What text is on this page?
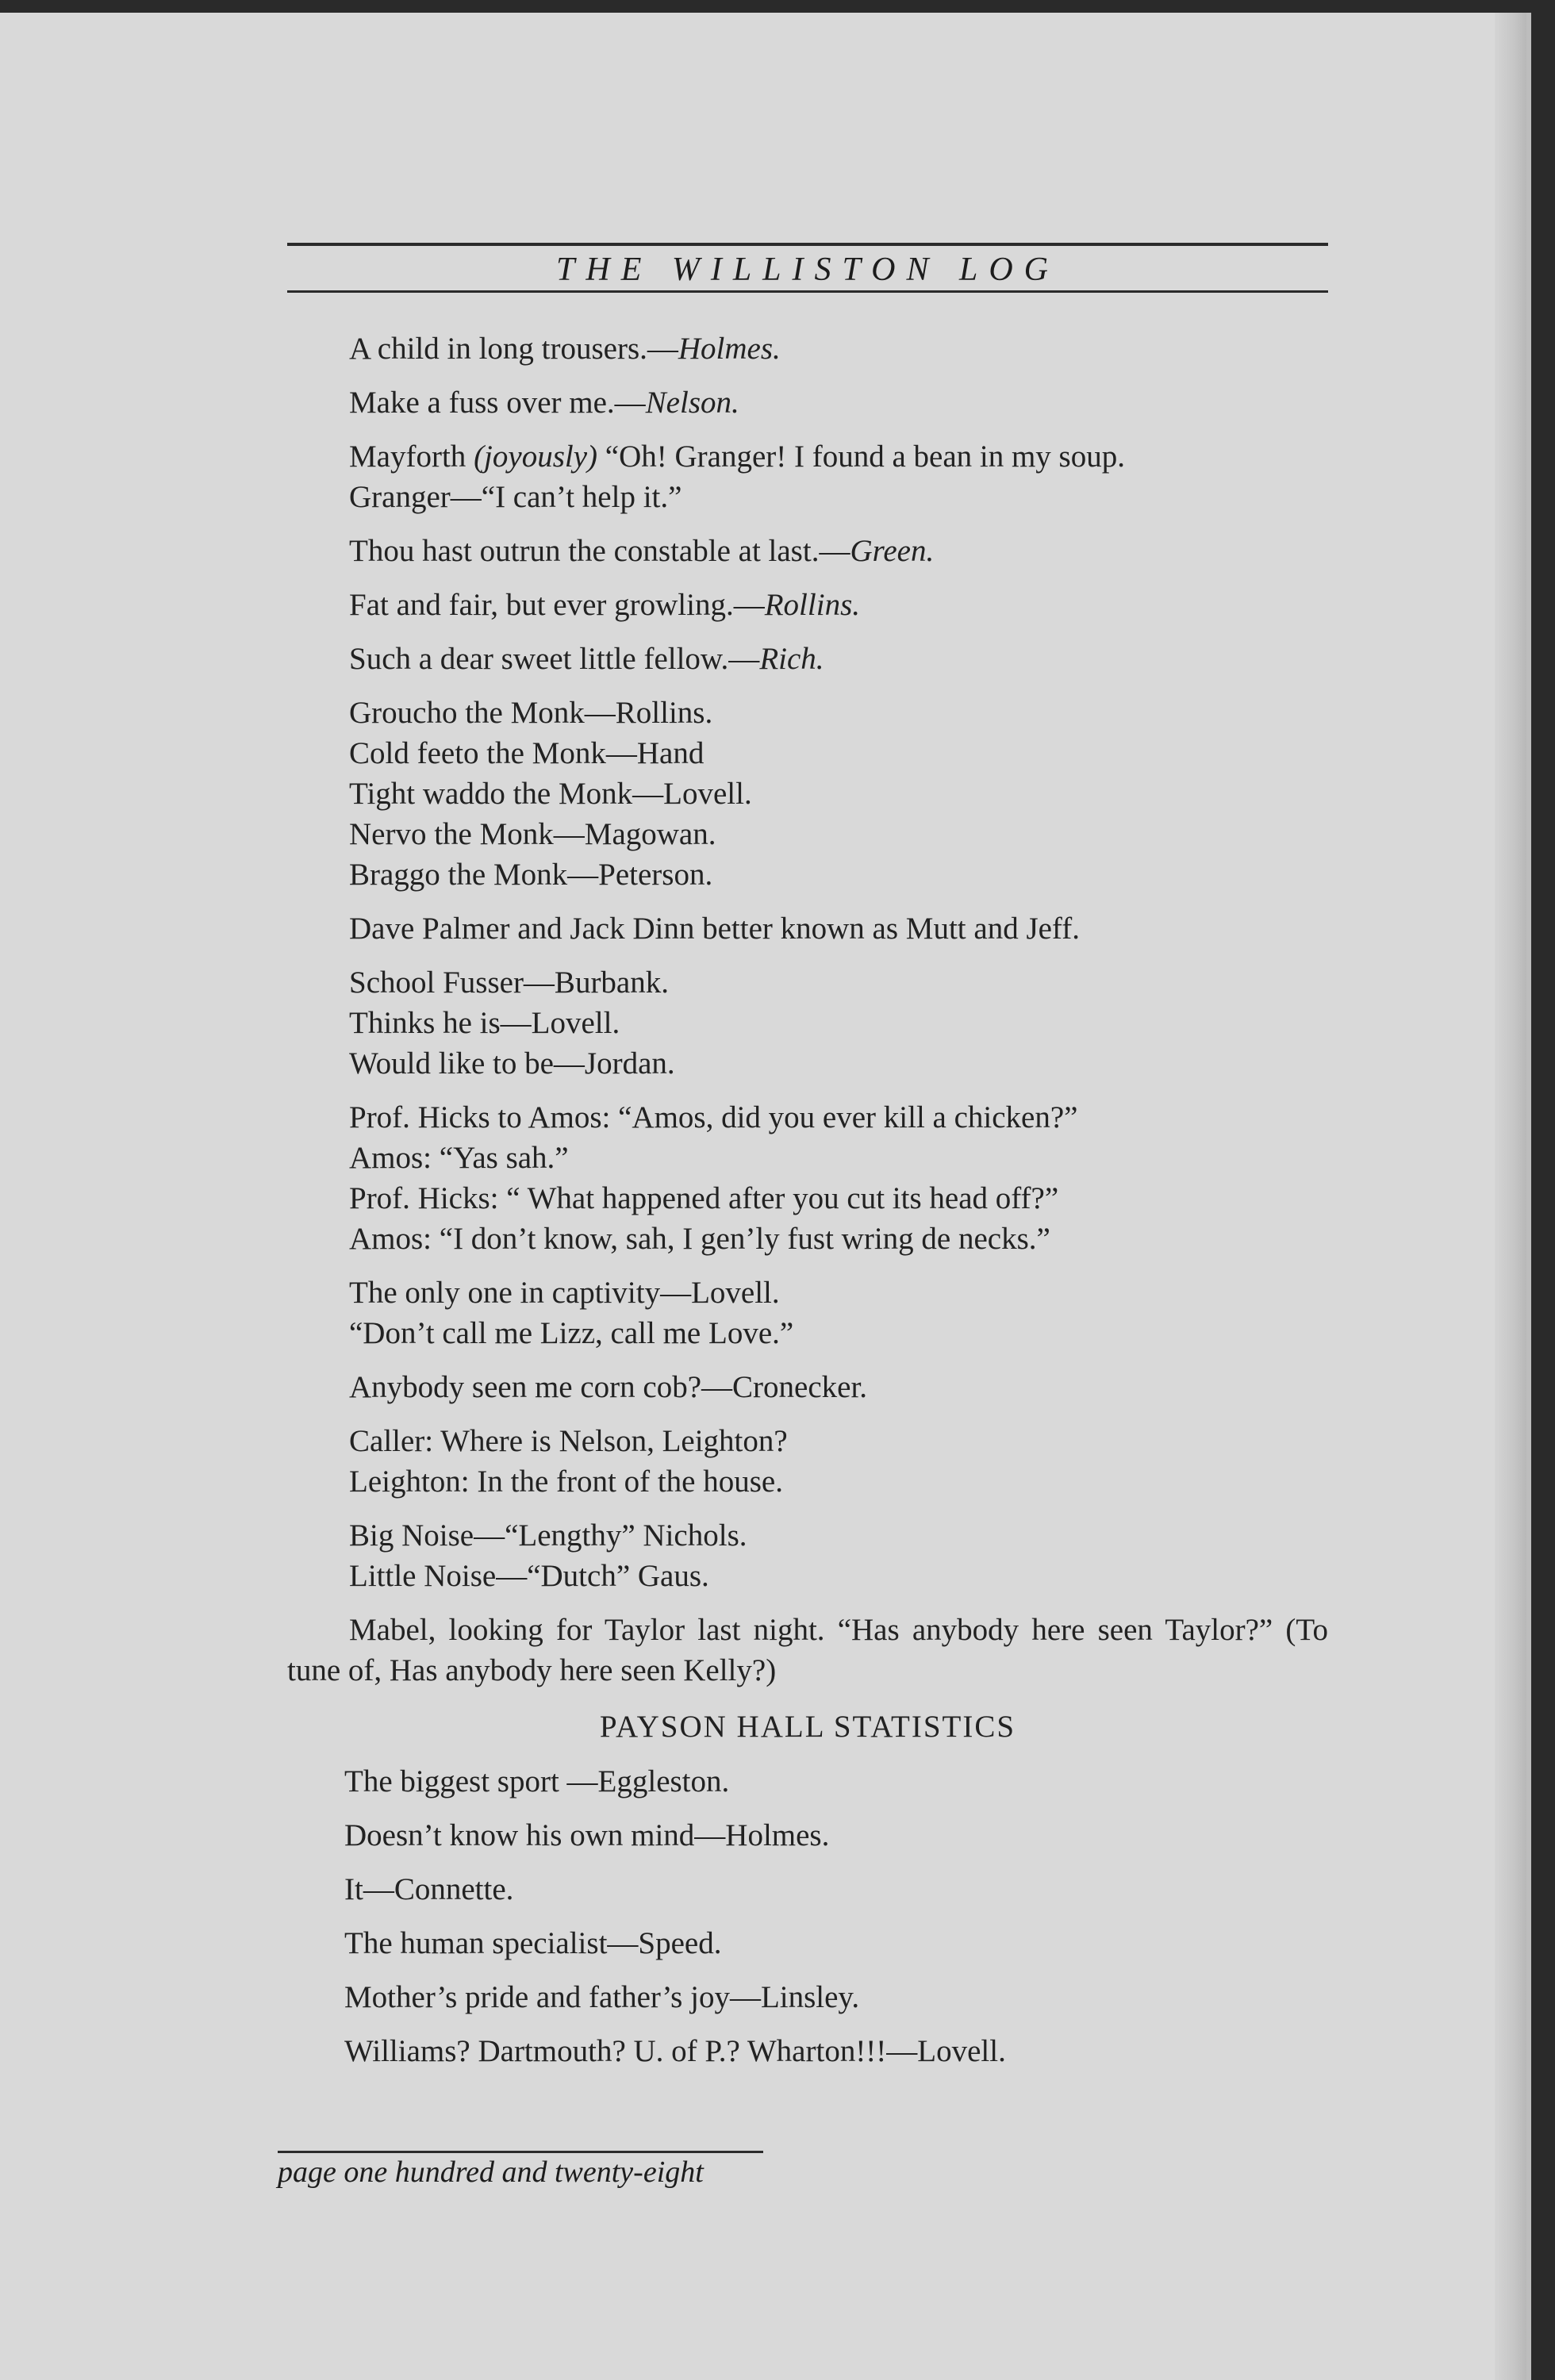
THE WILLISTON LOG
A child in long trousers.—Holmes.
Make a fuss over me.—Nelson.
Mayforth (joyously) “Oh! Granger! I found a bean in my soup.
Granger—“I can’t help it.”
Thou hast outrun the constable at last.—Green.
Fat and fair, but ever growling.—Rollins.
Such a dear sweet little fellow.—Rich.
Groucho the Monk—Rollins.
Cold feeto the Monk—Hand
Tight waddo the Monk—Lovell.
Nervo the Monk—Magowan.
Braggo the Monk—Peterson.
Dave Palmer and Jack Dinn better known as Mutt and Jeff.
School Fusser—Burbank.
Thinks he is—Lovell.
Would like to be—Jordan.
Prof. Hicks to Amos: “Amos, did you ever kill a chicken?”
Amos: “Yas sah.”
Prof. Hicks: “ What happened after you cut its head off?”
Amos: “I don’t know, sah, I gen’ly fust wring de necks.”
The only one in captivity—Lovell.
“Don’t call me Lizz, call me Love.”
Anybody seen me corn cob?—Cronecker.
Caller: Where is Nelson, Leighton?
Leighton: In the front of the house.
Big Noise—“Lengthy” Nichols.
Little Noise—“Dutch” Gaus.

Mabel, looking for Taylor last night. “Has anybody here seen Taylor?” (To tune of, Has anybody here seen Kelly?)

PAYSON HALL STATISTICS
The biggest sport —Eggleston.
Doesn’t know his own mind—Holmes.
It—Connette.
The human specialist—Speed.
Mother’s pride and father’s joy—Linsley.
Williams? Dartmouth? U. of P.? Wharton!!!—Lovell.
page one hundred and twenty-eight
